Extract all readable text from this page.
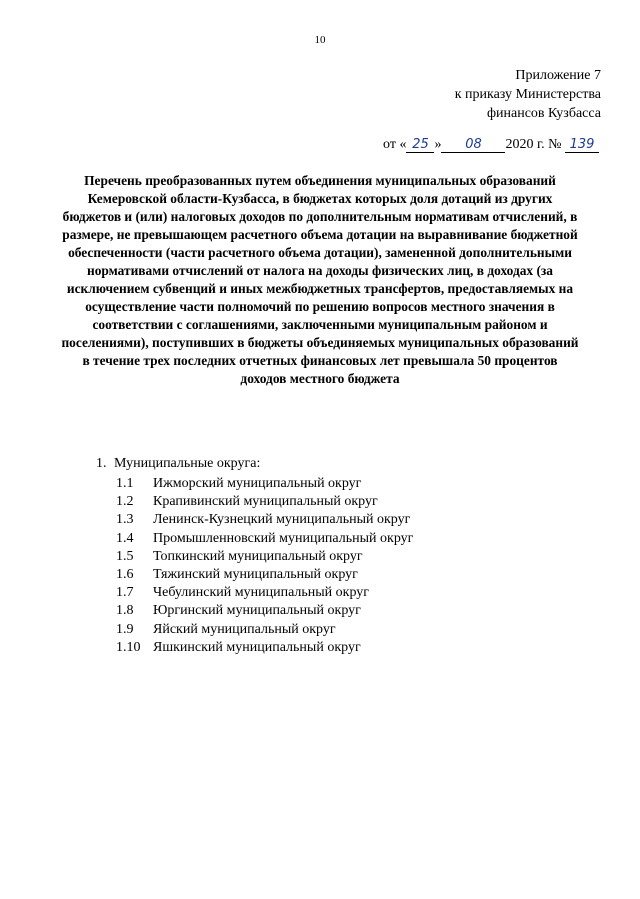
10
Приложение 7
к приказу Министерства
финансов Кузбасса
от « 25 » 08 2020 г. № 139
Перечень преобразованных путем объединения муниципальных образований Кемеровской области-Кузбасса, в бюджетах которых доля дотаций из других бюджетов и (или) налоговых доходов по дополнительным нормативам отчислений, в размере, не превышающем расчетного объема дотации на выравнивание бюджетной обеспеченности (части расчетного объема дотации), замененной дополнительными нормативами отчислений от налога на доходы физических лиц, в доходах (за исключением субвенций и иных межбюджетных трансфертов, предоставляемых на осуществление части полномочий по решению вопросов местного значения в соответствии с соглашениями, заключенными муниципальным районом и поселениями), поступивших в бюджеты объединяемых муниципальных образований в течение трех последних отчетных финансовых лет превышала 50 процентов доходов местного бюджета
1. Муниципальные округа:
1.1 Ижморский муниципальный округ
1.2 Крапивинский муниципальный округ
1.3 Ленинск-Кузнецкий муниципальный округ
1.4 Промышленновский муниципальный округ
1.5 Топкинский муниципальный округ
1.6 Тяжинский муниципальный округ
1.7 Чебулинский муниципальный округ
1.8 Юргинский муниципальный округ
1.9 Яйский муниципальный округ
1.10 Яшкинский муниципальный округ
